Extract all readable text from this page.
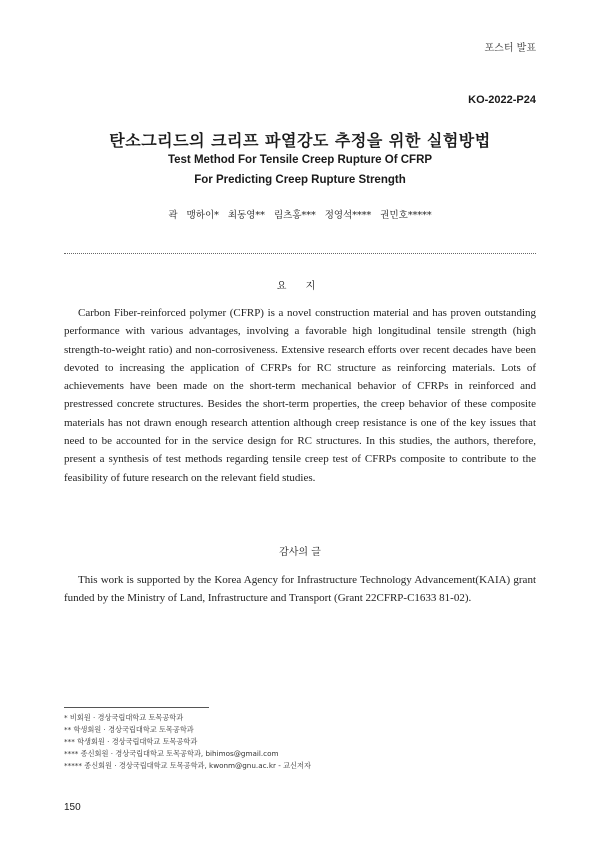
포스터 발표
KO-2022-P24
탄소그리드의 크리프 파열강도 추정을 위한 실험방법
Test Method For Tensile Creep Rupture Of CFRP
For Predicting Creep Rupture Strength
곽 맹하이* 최동영** 림츠홍*** 정영석**** 권민호*****
요 지
Carbon Fiber-reinforced polymer (CFRP) is a novel construction material and has proven outstanding performance with various advantages, involving a favorable high longitudinal tensile strength (high strength-to-weight ratio) and non-corrosiveness. Extensive research efforts over recent decades have been devoted to increasing the application of CFRPs for RC structure as reinforcing materials. Lots of achievements have been made on the short-term mechanical behavior of CFRPs in reinforced and prestressed concrete structures. Besides the short-term properties, the creep behavior of these composite materials has not drawn enough research attention although creep resistance is one of the key issues that need to be accounted for in the service design for RC structures. In this studies, the authors, therefore, present a synthesis of test methods regarding tensile creep test of CFRPs composite to contribute to the feasibility of future research on the relevant field studies.
감사의 글
This work is supported by the Korea Agency for Infrastructure Technology Advancement(KAIA) grant funded by the Ministry of Land, Infrastructure and Transport (Grant 22CFRP-C1633 81-02).
* 비회원 · 경상국립대학교 토목공학과
** 학생회원 · 경상국립대학교 토목공학과
*** 학생회원 · 경상국립대학교 토목공학과
**** 종신회원 · 경상국립대학교 토목공학과, bihimos@gmail.com
***** 종신회원 · 경상국립대학교 토목공학과, kwonm@gnu.ac.kr - 교신저자
150
